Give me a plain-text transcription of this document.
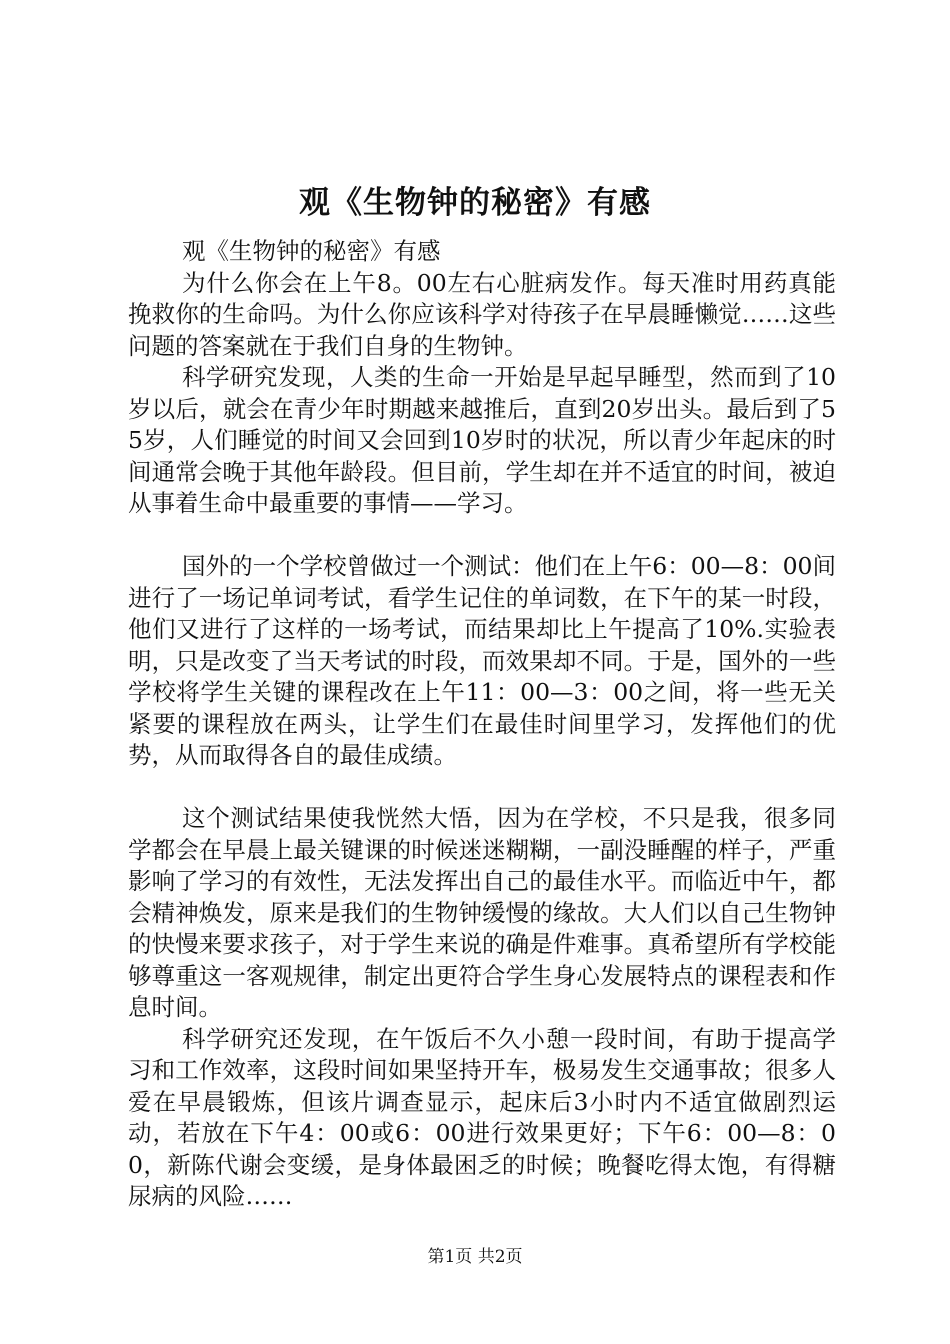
观《生物钟的秘密》有感

观《生物钟的秘密》有感

为什么你会在上午8。00左右心脏病发作。每天准时用药真能挽救你的生命吗。为什么你应该科学对待孩子在早晨睡懒觉……这些问题的答案就在于我们自身的生物钟。

科学研究发现，人类的生命一开始是早起早睡型，然而到了10岁以后，就会在青少年时期越来越推后，直到20岁出头。最后到了55岁，人们睡觉的时间又会回到10岁时的状况，所以青少年起床的时间通常会晚于其他年龄段。但目前，学生却在并不适宜的时间，被迫从事着生命中最重要的事情——学习。

国外的一个学校曾做过一个测试：他们在上午6：00—8：00间进行了一场记单词考试，看学生记住的单词数，在下午的某一时段，他们又进行了这样的一场考试，而结果却比上午提高了10%.实验表明，只是改变了当天考试的时段，而效果却不同。于是，国外的一些学校将学生关键的课程改在上午11：00—3：00之间，将一些无关紧要的课程放在两头，让学生们在最佳时间里学习，发挥他们的优势，从而取得各自的最佳成绩。

这个测试结果使我恍然大悟，因为在学校，不只是我，很多同学都会在早晨上最关键课的时候迷迷糊糊，一副没睡醒的样子，严重影响了学习的有效性，无法发挥出自己的最佳水平。而临近中午，都会精神焕发，原来是我们的生物钟缓慢的缘故。大人们以自己生物钟的快慢来要求孩子，对于学生来说的确是件难事。真希望所有学校能够尊重这一客观规律，制定出更符合学生身心发展特点的课程表和作息时间。

科学研究还发现，在午饭后不久小憩一段时间，有助于提高学习和工作效率，这段时间如果坚持开车，极易发生交通事故；很多人爱在早晨锻炼，但该片调查显示，起床后3小时内不适宜做剧烈运动，若放在下午4：00或6：00进行效果更好；下午6：00—8：00，新陈代谢会变缓，是身体最困乏的时候；晚餐吃得太饱，有得糖尿病的风险……

第1页 共2页
